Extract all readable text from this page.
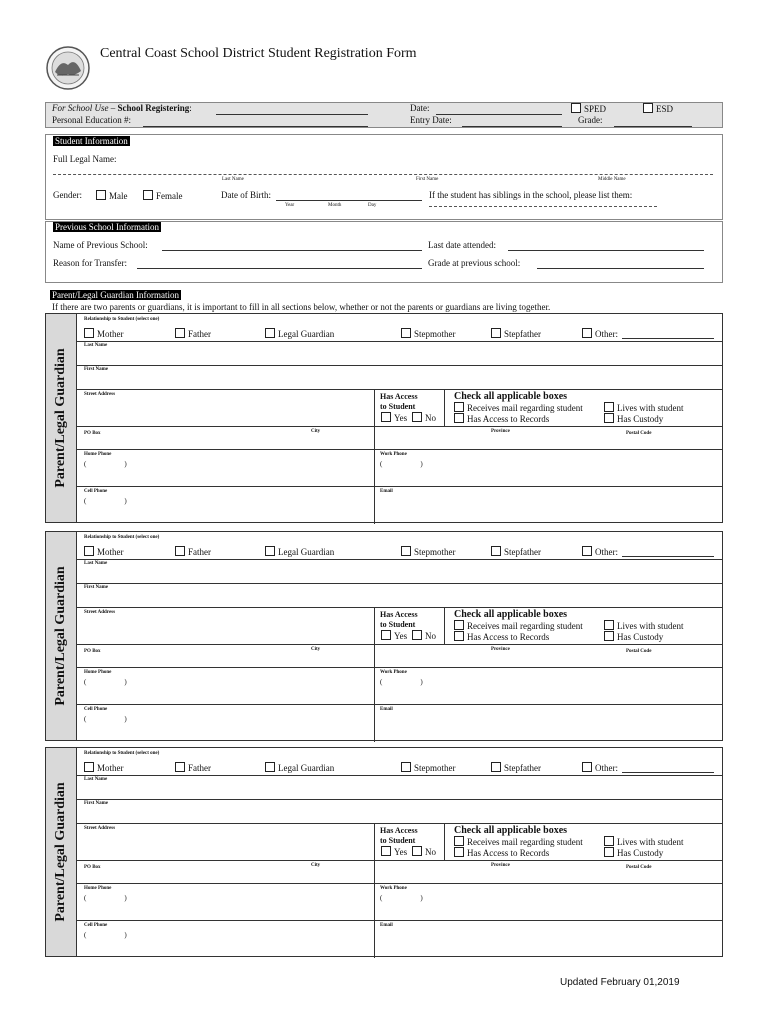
Central Coast School District Student Registration Form
For School Use – School Registering:
Personal Education #:
Date:
Entry Date:
SPED	ESD
Grade:
Student Information
Full Legal Name:
Last Name	First Name	Middle Name
Gender:	Male	Female	Date of Birth:
Year	Month	Day
If the student has siblings in the school, please list them:
Previous School Information
Name of Previous School:	Last date attended:
Reason for Transfer:	Grade at previous school:
Parent/Legal Guardian Information
If there are two parents or guardians, it is important to fill in all sections below, whether or not the parents or guardians are living together.
Parent/Legal Guardian
Relationship to Student (select one)
Mother	Father	Legal Guardian	Stepmother	Stepfather	Other:
Last Name
First Name
Street Address	Has Access
to Student
Yes	No
Check all applicable boxes
Receives mail regarding student	Lives with student
Has Access to Records	Has Custody
PO Box	City	Province	Postal Code
Home Phone
(	)
Work Phone
(	)
Cell Phone
(	)
Email
Parent/Legal Guardian
Relationship to Student (select one)
Mother	Father	Legal Guardian	Stepmother	Stepfather	Other:
Last Name
First Name
Street Address	Has Access
to Student
Yes	No
Check all applicable boxes
Receives mail regarding student	Lives with student
Has Access to Records	Has Custody
PO Box	City	Province	Postal Code
Home Phone
(	)
Work Phone
(	)
Cell Phone
(	)
Email
Parent/Legal Guardian
Relationship to Student (select one)
Mother	Father	Legal Guardian	Stepmother	Stepfather	Other:
Last Name
First Name
Street Address	Has Access
to Student
Yes	No
Check all applicable boxes
Receives mail regarding student	Lives with student
Has Access to Records	Has Custody
PO Box	City	Province	Postal Code
Home Phone
(	)
Work Phone
(	)
Cell Phone
(	)
Email
Updated February 01,2019
